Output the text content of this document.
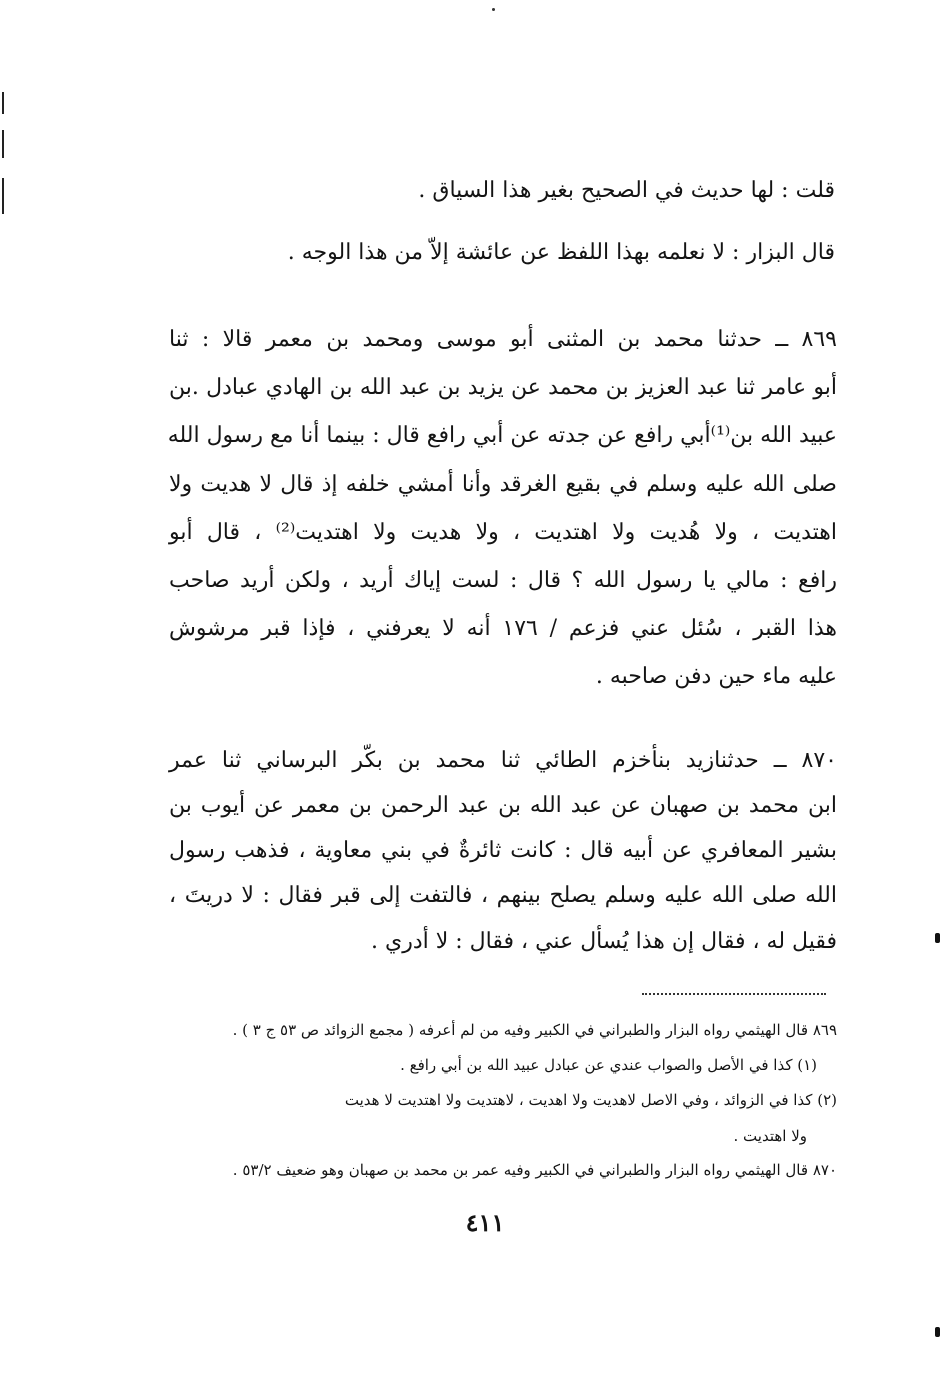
قلت : لها حديث في الصحيح بغير هذا السياق .
قال البزار : لا نعلمه بهذا اللفظ عن عائشة إلاّ من هذا الوجه .
٨٦٩ ــ حدثنا محمد بن المثنى أبو موسى ومحمد بن معمر قالا : ثنا
أبو عامر ثنا عبد العزيز بن محمد عن يزيد بن عبد الله بن الهادي عبادل .بن
عبيد الله بن⁽¹⁾أبي رافع عن جدته عن أبي رافع قال : بينما أنا مع رسول الله
صلى الله عليه وسلم في بقيع الغرقد وأنا أمشي خلفه إذ قال لا هديت ولا
اهتديت ، ولا هُديت ولا اهتديت ، ولا هديت ولا اهتديت⁽²⁾ ، قال أبو
رافع : مالي يا رسول الله ؟ قال : لست إياك أريد ، ولكن أريد صاحب
هذا القبر ، سُئل عني فزعم / ١٧٦ أنه لا يعرفني ، فإذا قبر مرشوش
عليه ماء حين دفن صاحبه .
٨٧٠ ــ حدثنازيد بنأخزم الطائي ثنا محمد بن بكّر البرساني ثنا عمر
ابن محمد بن صهبان عن عبد الله بن عبد الرحمن بن معمر عن أيوب بن
بشير المعافري عن أبيه قال : كانت ثائرةٌ في بني معاوية ، فذهب رسول
الله صلى الله عليه وسلم يصلح بينهم ، فالتفت إلى قبر فقال : لا دريتَ ،
فقيل له ، فقال إن هذا يُسأل عني ، فقال : لا أدري .
٨٦٩ قال الهيثمي رواه البزار والطبراني في الكبير وفيه من لم أعرفه ( مجمع الزوائد ص ٥٣ ج ٣ ) .
(١) كذا في الأصل والصواب عندي عن عبادل عبيد الله بن أبي رافع .
(٢) كذا في الزوائد ، وفي الاصل لاهديت ولا اهديت ، لاهتديت ولا اهتديت لا هديت
ولا اهتديت .
٨٧٠ قال الهيثمي رواه البزار والطبراني في الكبير وفيه عمر بن محمد بن صهبان وهو ضعيف ٥٣/٢ .
٤١١
